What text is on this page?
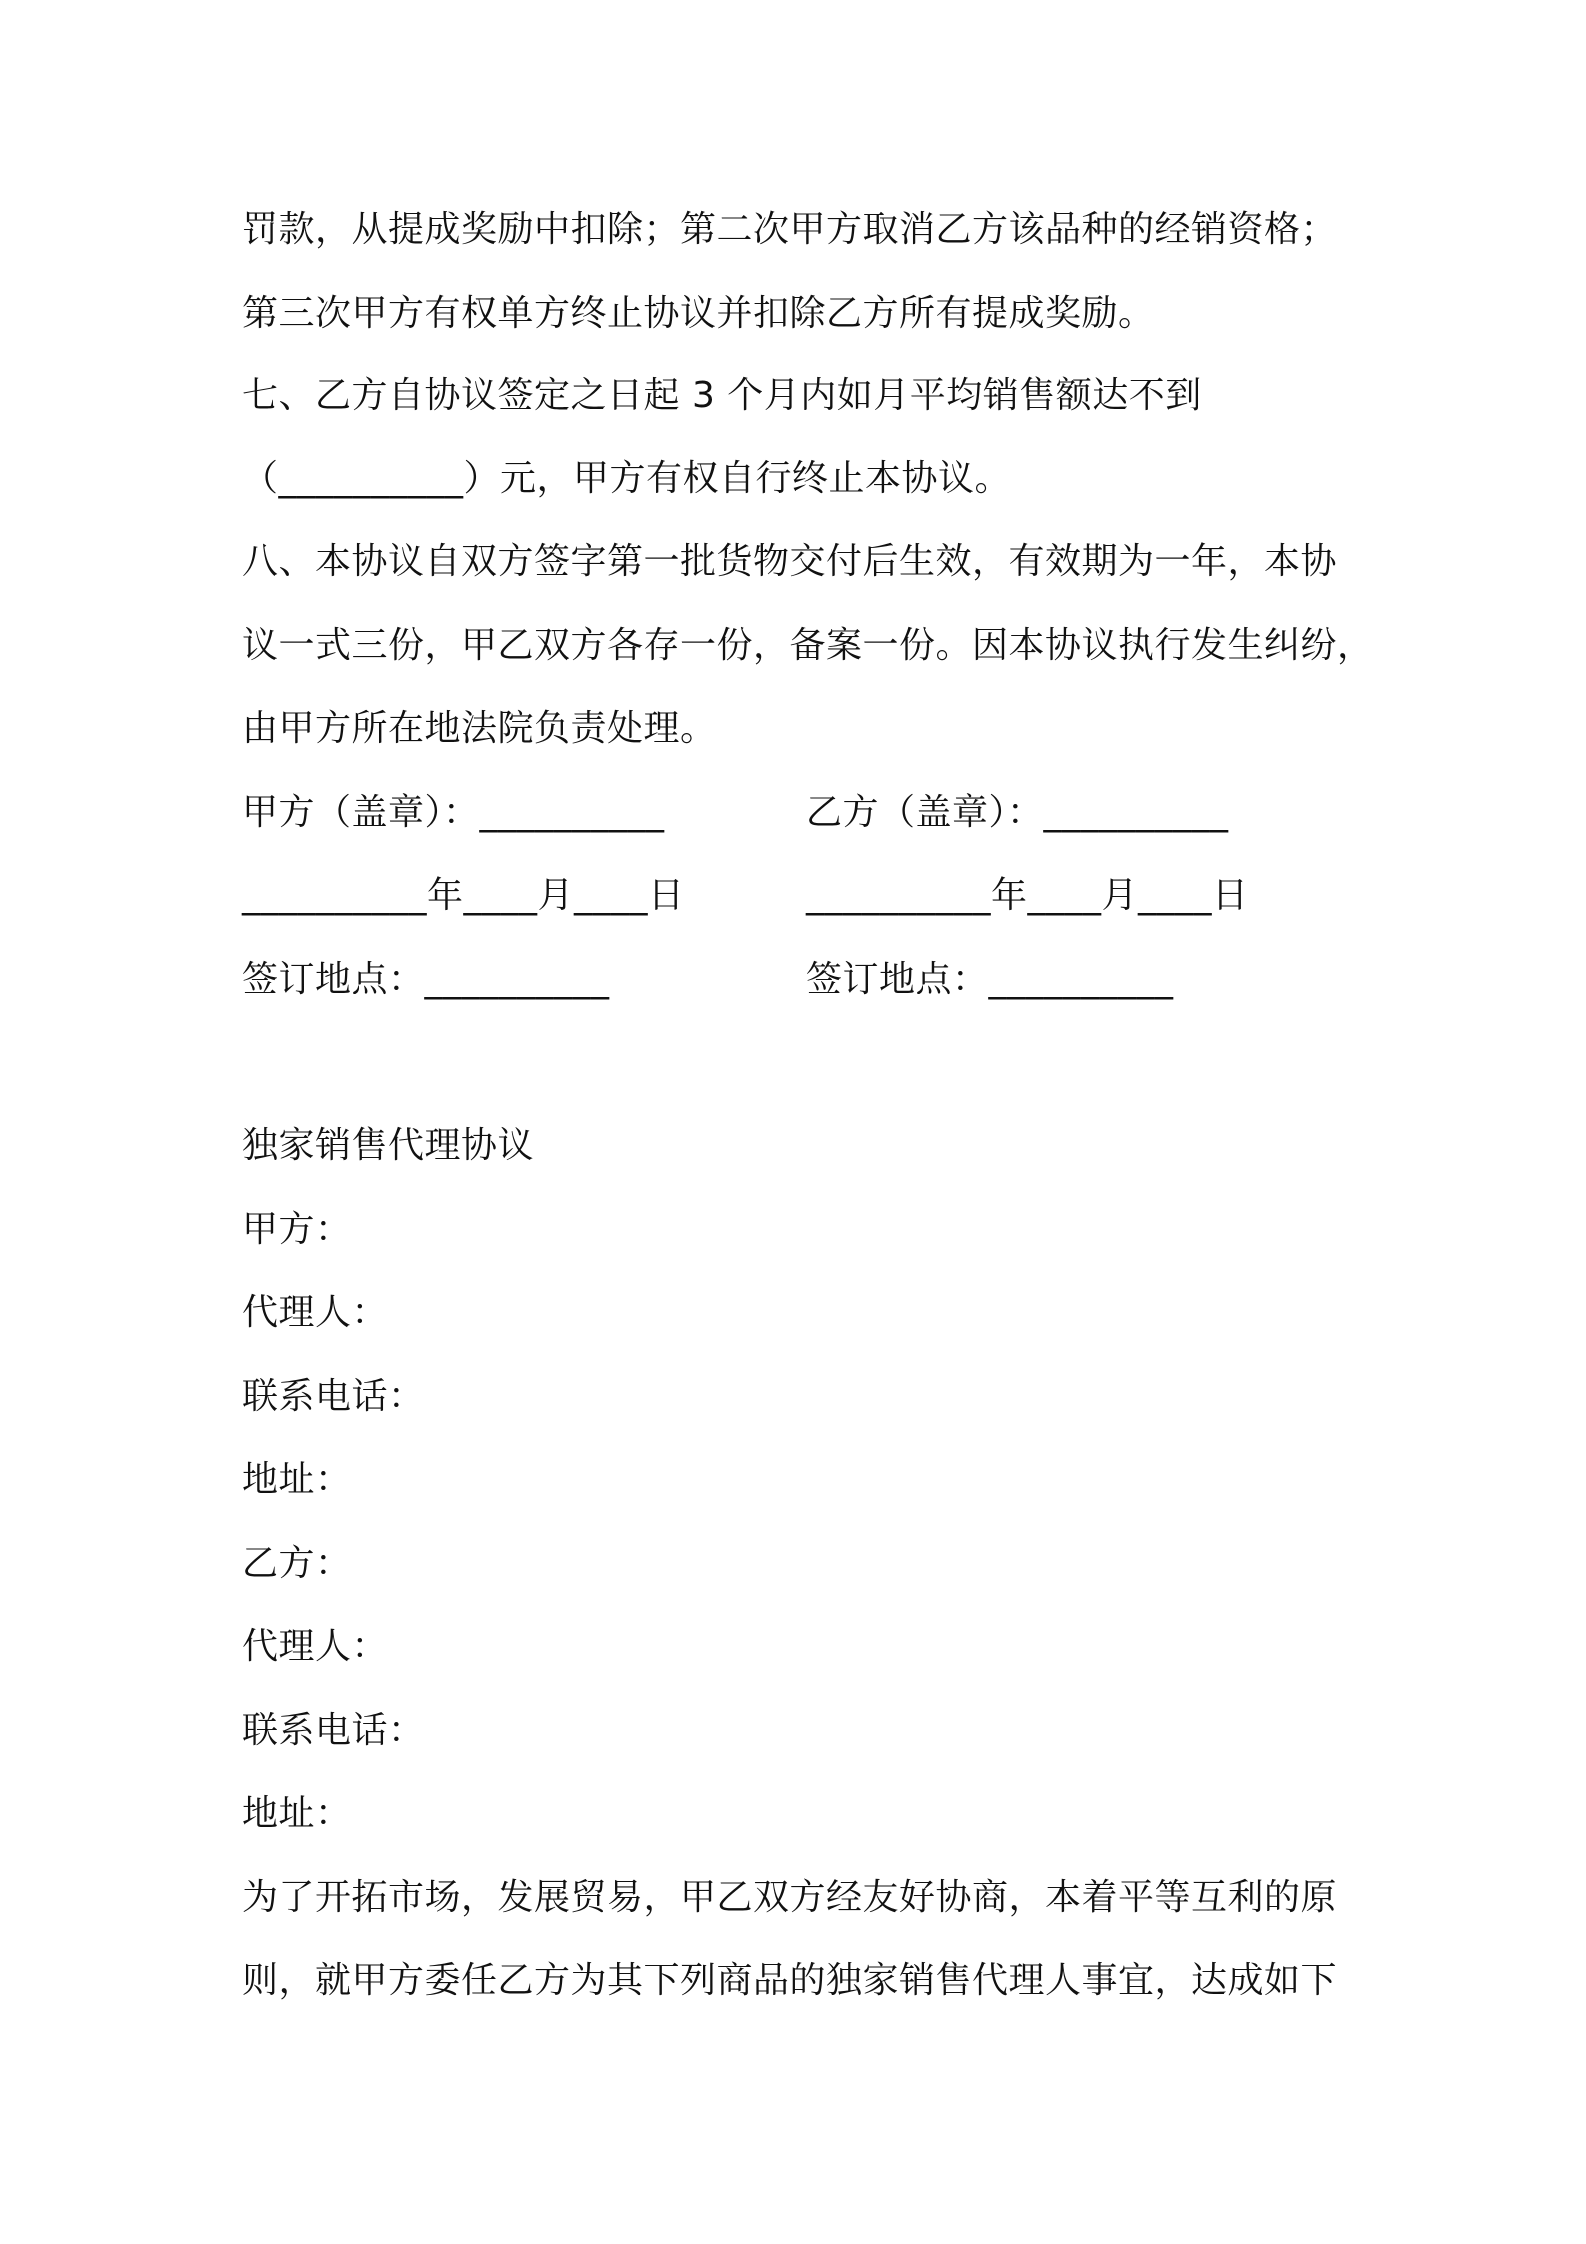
罚款，从提成奖励中扣除；第二次甲方取消乙方该品种的经销资格；
第三次甲方有权单方终止协议并扣除乙方所有提成奖励。
七、乙方自协议签定之日起 3 个月内如月平均销售额达不到
（__________）元，甲方有权自行终止本协议。
八、本协议自双方签字第一批货物交付后生效，有效期为一年，本协
议一式三份，甲乙双方各存一份，备案一份。因本协议执行发生纠纷，
由甲方所在地法院负责处理。
甲方（盖章）：__________	乙方（盖章）：__________
__________年____月____日	__________年____月____日
签订地点：__________	签订地点：__________
独家销售代理协议
甲方：
代理人：
联系电话：
地址：
乙方：
代理人：
联系电话：
地址：
为了开拓市场，发展贸易，甲乙双方经友好协商，本着平等互利的原
则，就甲方委任乙方为其下列商品的独家销售代理人事宜，达成如下
